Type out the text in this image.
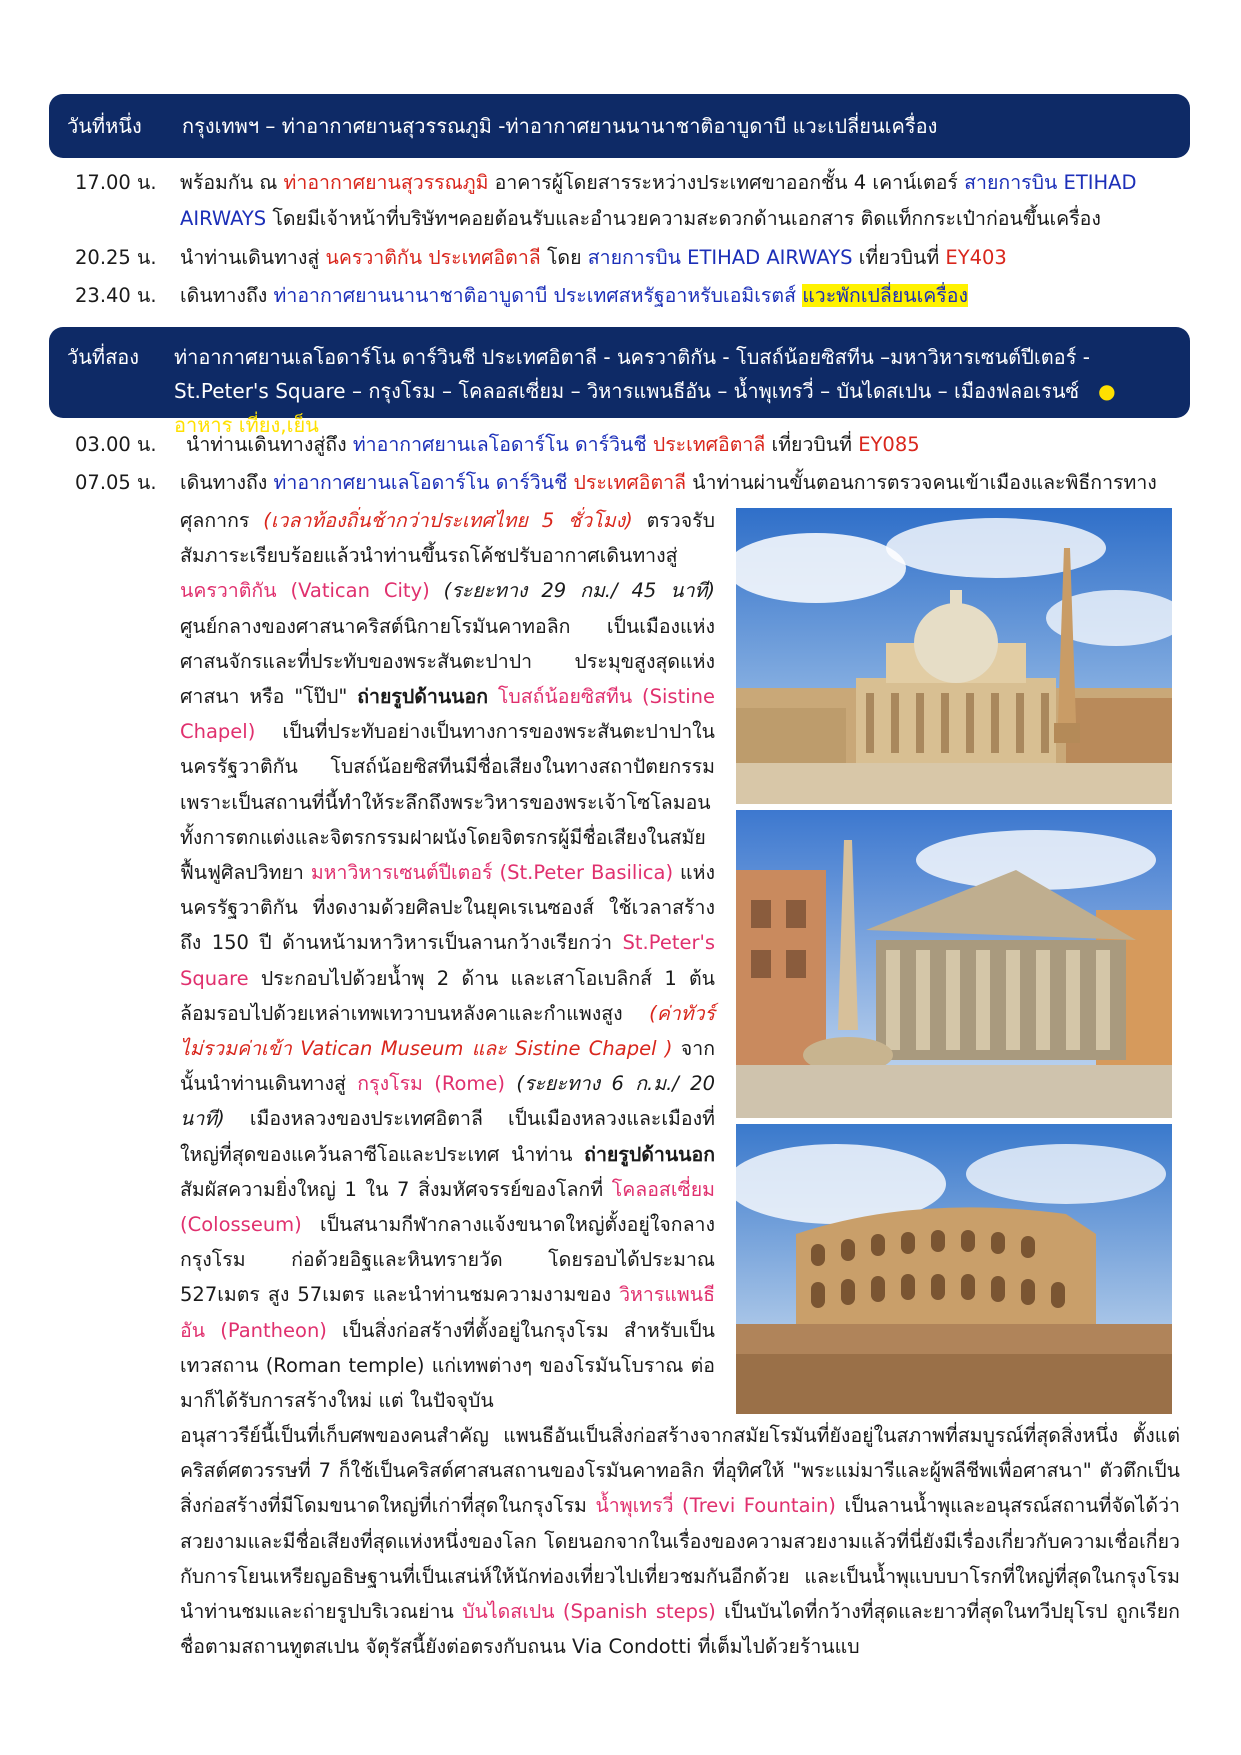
วันที่หนึ่ง กรุงเทพฯ – ท่าอากาศยานสุวรรณภูมิ -ท่าอากาศยานนานาชาติอาบูดาบี แวะเปลี่ยนเครื่อง
17.00 น.	พร้อมกัน ณ ท่าอากาศยานสุวรรณภูมิ อาคารผู้โดยสารระหว่างประเทศขาออกชั้น 4 เคาน์เตอร์ สายการบิน ETIHAD AIRWAYS โดยมีเจ้าหน้าที่บริษัทฯคอยต้อนรับและอำนวยความสะดวกด้านเอกสาร ติดแท็กกระเป๋าก่อนขึ้นเครื่อง
20.25 น.	นำท่านเดินทางสู่ นครวาติกัน ประเทศอิตาลี โดย สายการบิน ETIHAD AIRWAYS เที่ยวบินที่ EY403
23.40 น.	เดินทางถึง ท่าอากาศยานนานาชาติอาบูดาบี ประเทศสหรัฐอาหรับเอมิเรตส์ แวะพักเปลี่ยนเครื่อง
วันที่สอง ท่าอากาศยานเลโอดาร์โน ดาร์วินชี ประเทศอิตาลี - นครวาติกัน - โบสถ์น้อยซิสทีน –มหาวิหารเซนต์ปีเตอร์ - St.Peter's Square – กรุงโรม – โคลอสเซี่ยม – วิหารแพนธีอัน – น้ำพุเทรวี่ – บันไดสเปน – เมืองฟลอเรนซ์ ● อาหาร เที่ยง,เย็น
03.00 น.	นำท่านเดินทางสู่ถึง ท่าอากาศยานเลโอดาร์โน ดาร์วินชี ประเทศอิตาลี เที่ยวบินที่ EY085
07.05 น.	เดินทางถึง ท่าอากาศยานเลโอดาร์โน ดาร์วินชี ประเทศอิตาลี นำท่านผ่านขั้นตอนการตรวจคนเข้าเมืองและพิธีการทาง
ศุลกากร (เวลาท้องถิ่นช้ากว่าประเทศไทย 5 ชั่วโมง) ตรวจรับสัมภาระเรียบร้อยแล้วนำท่านขึ้นรถโค้ชปรับอากาศเดินทางสู่ นครวาติกัน (Vatican City) (ระยะทาง 29 กม./ 45 นาที) ศูนย์กลางของศาสนาคริสต์นิกายโรมันคาทอลิก เป็นเมืองแห่งศาสนจักรและที่ประทับของพระสันตะปาปา ประมุขสูงสุดแห่งศาสนา หรือ "โป๊ป" ถ่ายรูปด้านนอก โบสถ์น้อยซิสทีน (Sistine Chapel) เป็นที่ประทับอย่างเป็นทางการของพระสันตะปาปาในนครรัฐวาติกัน โบสถ์น้อยซิสทีนมีชื่อเสียงในทางสถาปัตยกรรมเพราะเป็นสถานที่นี้ทำให้ระลึกถึงพระวิหารของพระเจ้าโซโลมอนทั้งการตกแต่งและจิตรกรรมฝาผนังโดยจิตรกรผู้มีชื่อเสียงในสมัยฟื้นฟูศิลปวิทยา มหาวิหารเซนต์ปีเตอร์ (St.Peter Basilica) แห่งนครรัฐวาติกัน ที่งดงามด้วยศิลปะในยุคเรเนซองส์ ใช้เวลาสร้างถึง 150 ปี ด้านหน้ามหาวิหารเป็นลานกว้างเรียกว่า St.Peter's Square ประกอบไปด้วยน้ำพุ 2 ด้าน และเสาโอเบลิกส์ 1 ต้น ล้อมรอบไปด้วยเหล่าเทพเทวาบนหลังคาและกำแพงสูง (ค่าทัวร์ไม่รวมค่าเข้า Vatican Museum และ Sistine Chapel ) จากนั้นนำท่านเดินทางสู่ กรุงโรม (Rome) (ระยะทาง 6 ก.ม./ 20 นาที) เมืองหลวงของประเทศอิตาลี เป็นเมืองหลวงและเมืองที่ใหญ่ที่สุดของแคว้นลาซีโอและประเทศ นำท่าน ถ่ายรูปด้านนอก สัมผัสความยิ่งใหญ่ 1 ใน 7 สิ่งมหัศจรรย์ของโลกที่ โคลอสเซี่ยม (Colosseum) เป็นสนามกีฬากลางแจ้งขนาดใหญ่ตั้งอยู่ใจกลางกรุงโรม ก่อด้วยอิฐและหินทรายวัด โดยรอบได้ประมาณ 527เมตร สูง 57เมตร และนำท่านชมความงามของ วิหารแพนธีอัน (Pantheon) เป็นสิ่งก่อสร้างที่ตั้งอยู่ในกรุงโรม สำหรับเป็นเทวสถาน (Roman temple) แก่เทพต่างๆ ของโรมันโบราณ ต่อมาก็ได้รับการสร้างใหม่ แต่ ในปัจจุบัน
อนุสาวรีย์นี้เป็นที่เก็บศพของคนสำคัญ แพนธีอันเป็นสิ่งก่อสร้างจากสมัยโรมันที่ยังอยู่ในสภาพที่สมบูรณ์ที่สุดสิ่งหนึ่ง ตั้งแต่คริสต์ศตวรรษที่ 7 ก็ใช้เป็นคริสต์ศาสนสถานของโรมันคาทอลิก ที่อุทิศให้ "พระแม่มารีและผู้พลีชีพเพื่อศาสนา" ตัวตึกเป็นสิ่งก่อสร้างที่มีโดมขนาดใหญ่ที่เก่าที่สุดในกรุงโรม น้ำพุเทรวี่ (Trevi Fountain) เป็นลานน้ำพุและอนุสรณ์สถานที่จัดได้ว่าสวยงามและมีชื่อเสียงที่สุดแห่งหนึ่งของโลก โดยนอกจากในเรื่องของความสวยงามแล้วที่นี่ยังมีเรื่องเกี่ยวกับความเชื่อเกี่ยวกับการโยนเหรียญอธิษฐานที่เป็นเสน่ห์ให้นักท่องเที่ยวไปเที่ยวชมกันอีกด้วย และเป็นน้ำพุแบบบาโรกที่ใหญ่ที่สุดในกรุงโรม นำท่านชมและถ่ายรูปบริเวณย่าน บันไดสเปน (Spanish steps) เป็นบันไดที่กว้างที่สุดและยาวที่สุดในทวีปยุโรป ถูกเรียกชื่อตามสถานทูตสเปน จัตุรัสนี้ยังต่อตรงกับถนน Via Condotti ที่เต็มไปด้วยร้านแบ
